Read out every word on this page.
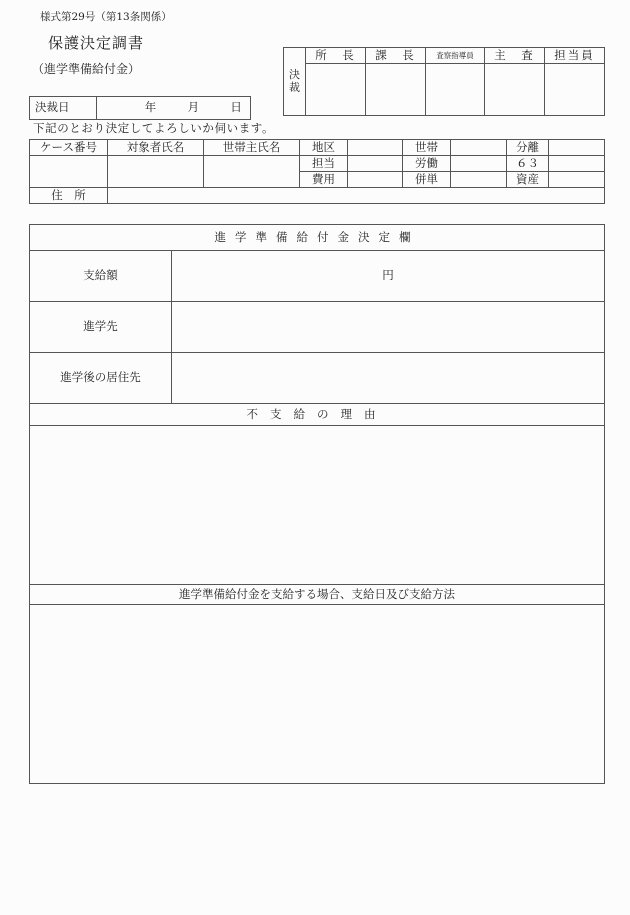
様式第29号（第13条関係）
保護決定調書
（進学準備給付金）	決裁	所　長	課　長	査察指導員	主　査	担当員

決裁日	年	月	日
下記のとおり決定してよろしいか伺います。
ケース番号	対象者氏名	世帯主氏名	地区		世帯		分離	
			担当		労働		６３	
			費用		併単		資産	
住　所								
進学準備給付金決定欄	
支給額	円
進学先	
進学後の居住先	
不支給の理由	

進学準備給付金を支給する場合、支給日及び支給方法	
